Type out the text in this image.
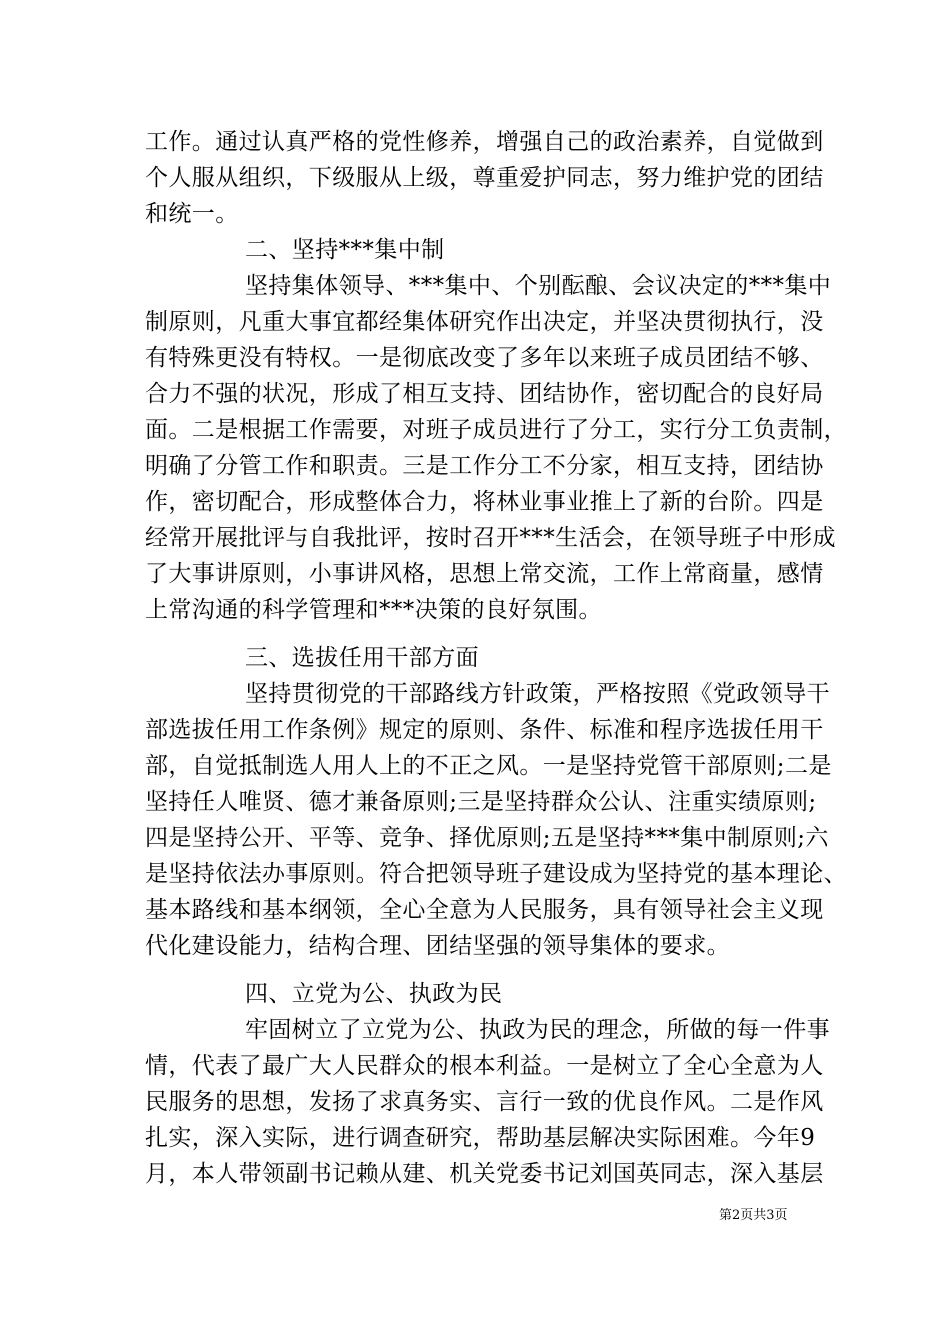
工作。通过认真严格的党性修养，增强自己的政治素养，自觉做到
个人服从组织，下级服从上级，尊重爱护同志，努力维护党的团结
和统一。
二、坚持***集中制
坚持集体领导、***集中、个别酝酿、会议决定的***集中
制原则，凡重大事宜都经集体研究作出决定，并坚决贯彻执行，没
有特殊更没有特权。一是彻底改变了多年以来班子成员团结不够、
合力不强的状况，形成了相互支持、团结协作，密切配合的良好局
面。二是根据工作需要，对班子成员进行了分工，实行分工负责制，
明确了分管工作和职责。三是工作分工不分家，相互支持，团结协
作，密切配合，形成整体合力，将林业事业推上了新的台阶。四是
经常开展批评与自我批评，按时召开***生活会，在领导班子中形成
了大事讲原则，小事讲风格，思想上常交流，工作上常商量，感情
上常沟通的科学管理和***决策的良好氛围。
三、选拔任用干部方面
坚持贯彻党的干部路线方针政策，严格按照《党政领导干
部选拔任用工作条例》规定的原则、条件、标准和程序选拔任用干
部，自觉抵制选人用人上的不正之风。一是坚持党管干部原则;二是
坚持任人唯贤、德才兼备原则;三是坚持群众公认、注重实绩原则;
四是坚持公开、平等、竞争、择优原则;五是坚持***集中制原则;六
是坚持依法办事原则。符合把领导班子建设成为坚持党的基本理论、
基本路线和基本纲领，全心全意为人民服务，具有领导社会主义现
代化建设能力，结构合理、团结坚强的领导集体的要求。
四、立党为公、执政为民
牢固树立了立党为公、执政为民的理念，所做的每一件事
情，代表了最广大人民群众的根本利益。一是树立了全心全意为人
民服务的思想，发扬了求真务实、言行一致的优良作风。二是作风
扎实，深入实际，进行调查研究，帮助基层解决实际困难。今年9
月，本人带领副书记赖从建、机关党委书记刘国英同志，深入基层
第2页共3页
